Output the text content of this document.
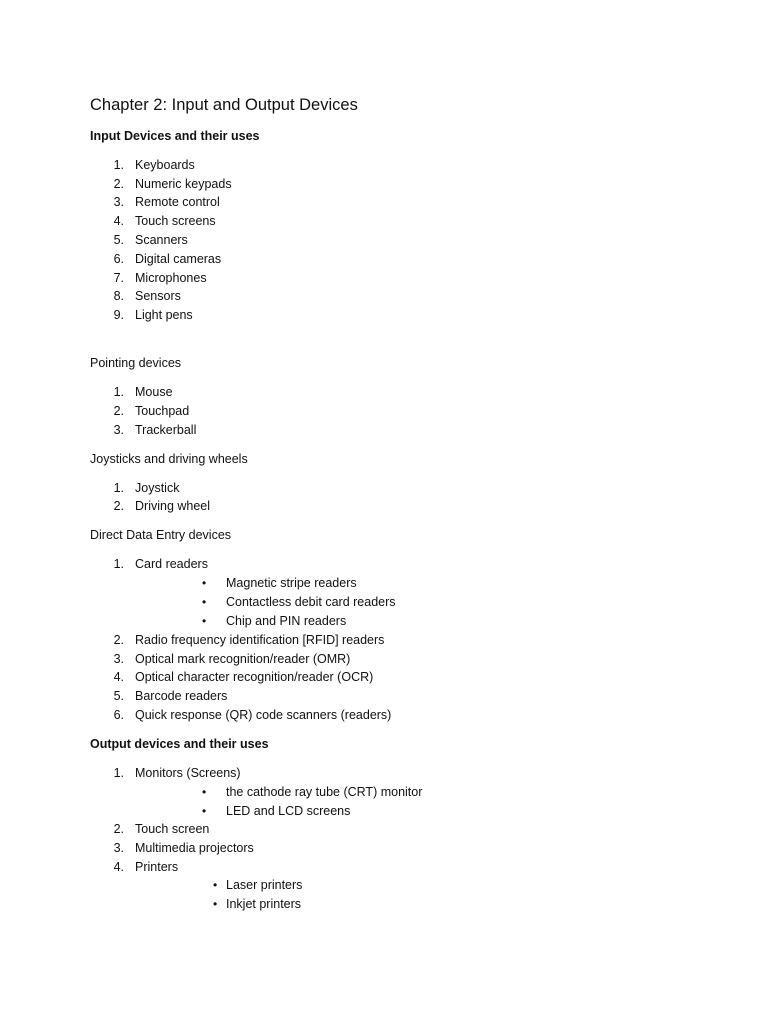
Chapter 2: Input and Output Devices
Input Devices and their uses
1. Keyboards
2. Numeric keypads
3. Remote control
4. Touch screens
5. Scanners
6. Digital cameras
7. Microphones
8. Sensors
9. Light pens
Pointing devices
1. Mouse
2. Touchpad
3. Trackerball
Joysticks and driving wheels
1. Joystick
2. Driving wheel
Direct Data Entry devices
1. Card readers
• Magnetic stripe readers
• Contactless debit card readers
• Chip and PIN readers
2. Radio frequency identification [RFID] readers
3. Optical mark recognition/reader (OMR)
4. Optical character recognition/reader (OCR)
5. Barcode readers
6. Quick response (QR) code scanners (readers)
Output devices and their uses
1. Monitors (Screens)
• the cathode ray tube (CRT) monitor
• LED and LCD screens
2. Touch screen
3. Multimedia projectors
4. Printers
• Laser printers
• Inkjet printers
